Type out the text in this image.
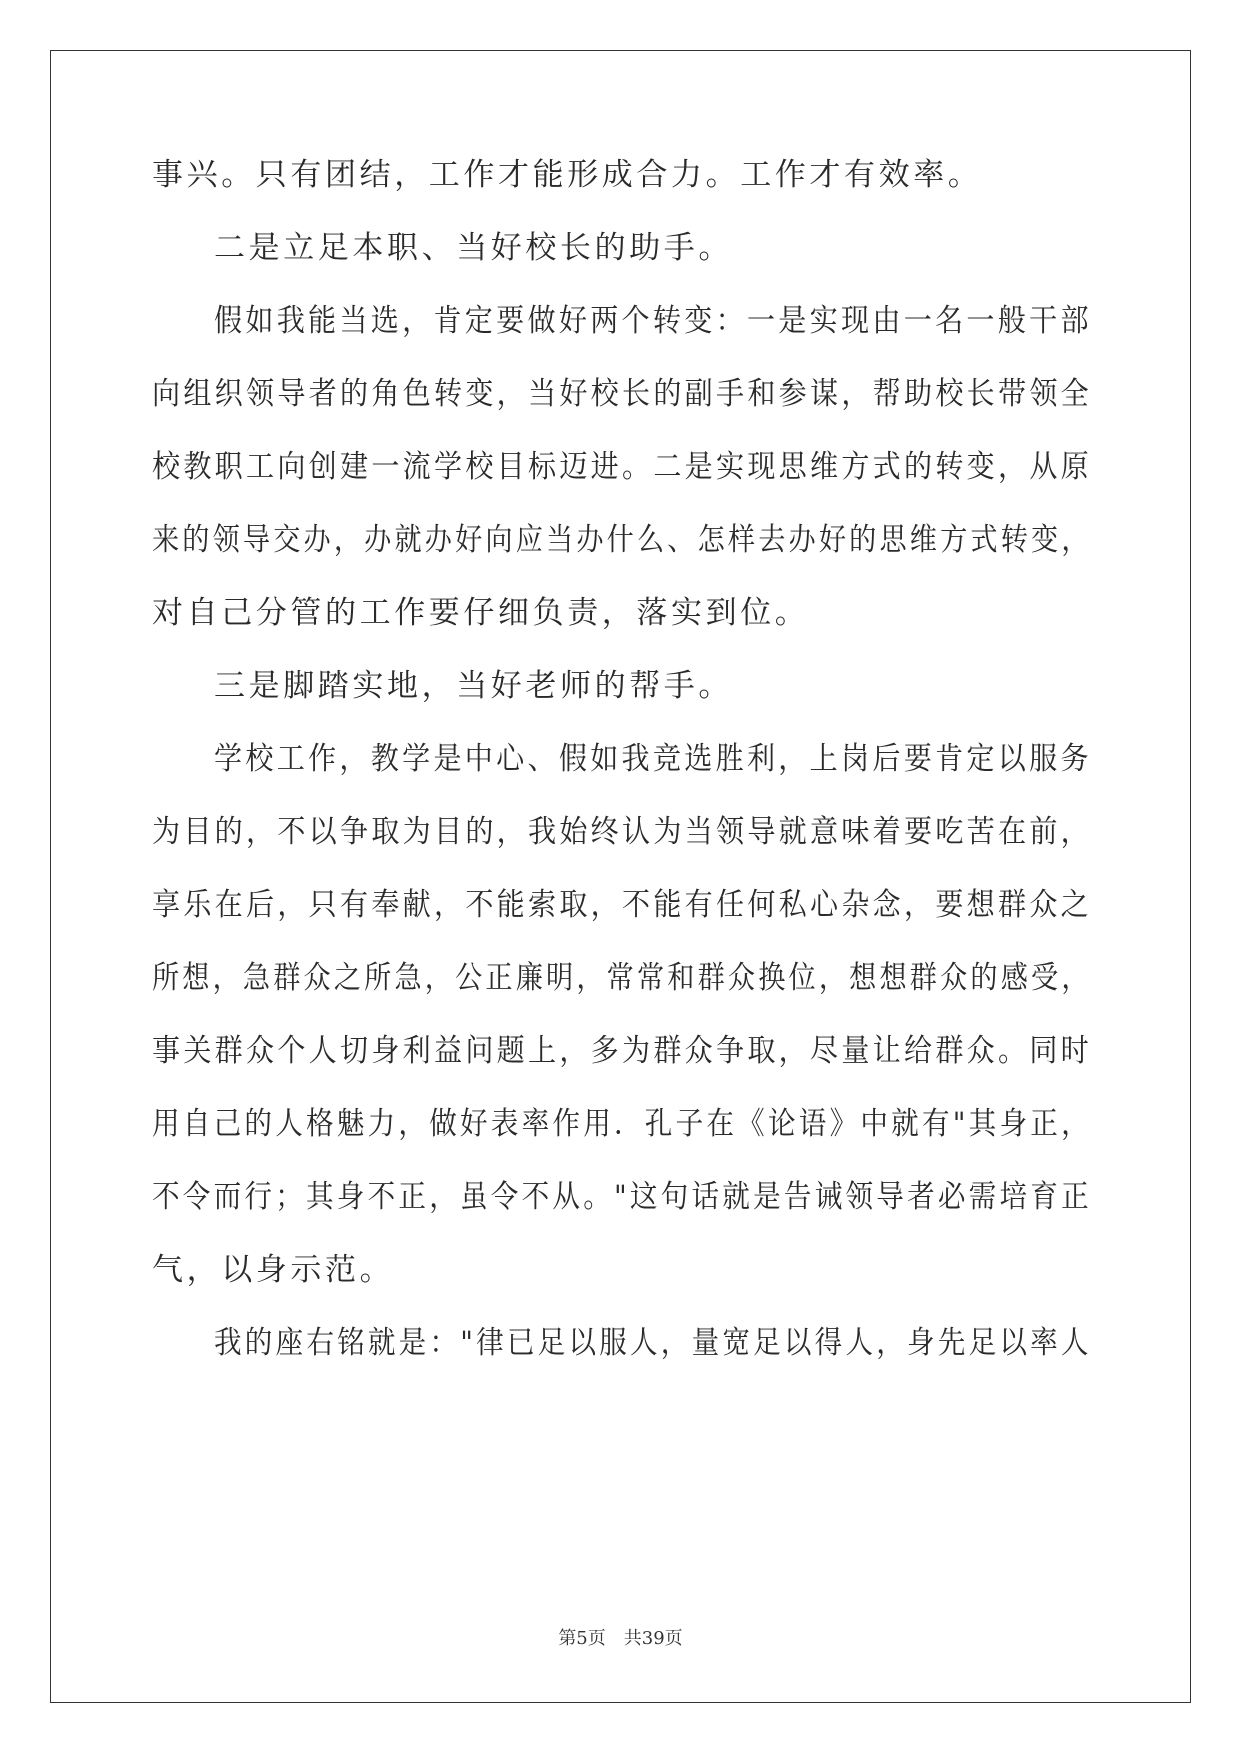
事兴。只有团结，工作才能形成合力。工作才有效率。
二是立足本职、当好校长的助手。
假如我能当选，肯定要做好两个转变：一是实现由一名一般干部
向组织领导者的角色转变，当好校长的副手和参谋，帮助校长带领全
校教职工向创建一流学校目标迈进。二是实现思维方式的转变，从原
来的领导交办，办就办好向应当办什么、怎样去办好的思维方式转变，
对自己分管的工作要仔细负责，落实到位。
三是脚踏实地，当好老师的帮手。
学校工作，教学是中心、假如我竞选胜利，上岗后要肯定以服务
为目的，不以争取为目的，我始终认为当领导就意味着要吃苦在前，
享乐在后，只有奉献，不能索取，不能有任何私心杂念，要想群众之
所想，急群众之所急，公正廉明，常常和群众换位，想想群众的感受，
事关群众个人切身利益问题上，多为群众争取，尽量让给群众。同时
用自己的人格魅力，做好表率作用．孔子在《论语》中就有"其身正，
不令而行；其身不正，虽令不从。"这句话就是告诫领导者必需培育正
气，以身示范。
我的座右铭就是："律已足以服人，量宽足以得人，身先足以率人
第5页 共39页
